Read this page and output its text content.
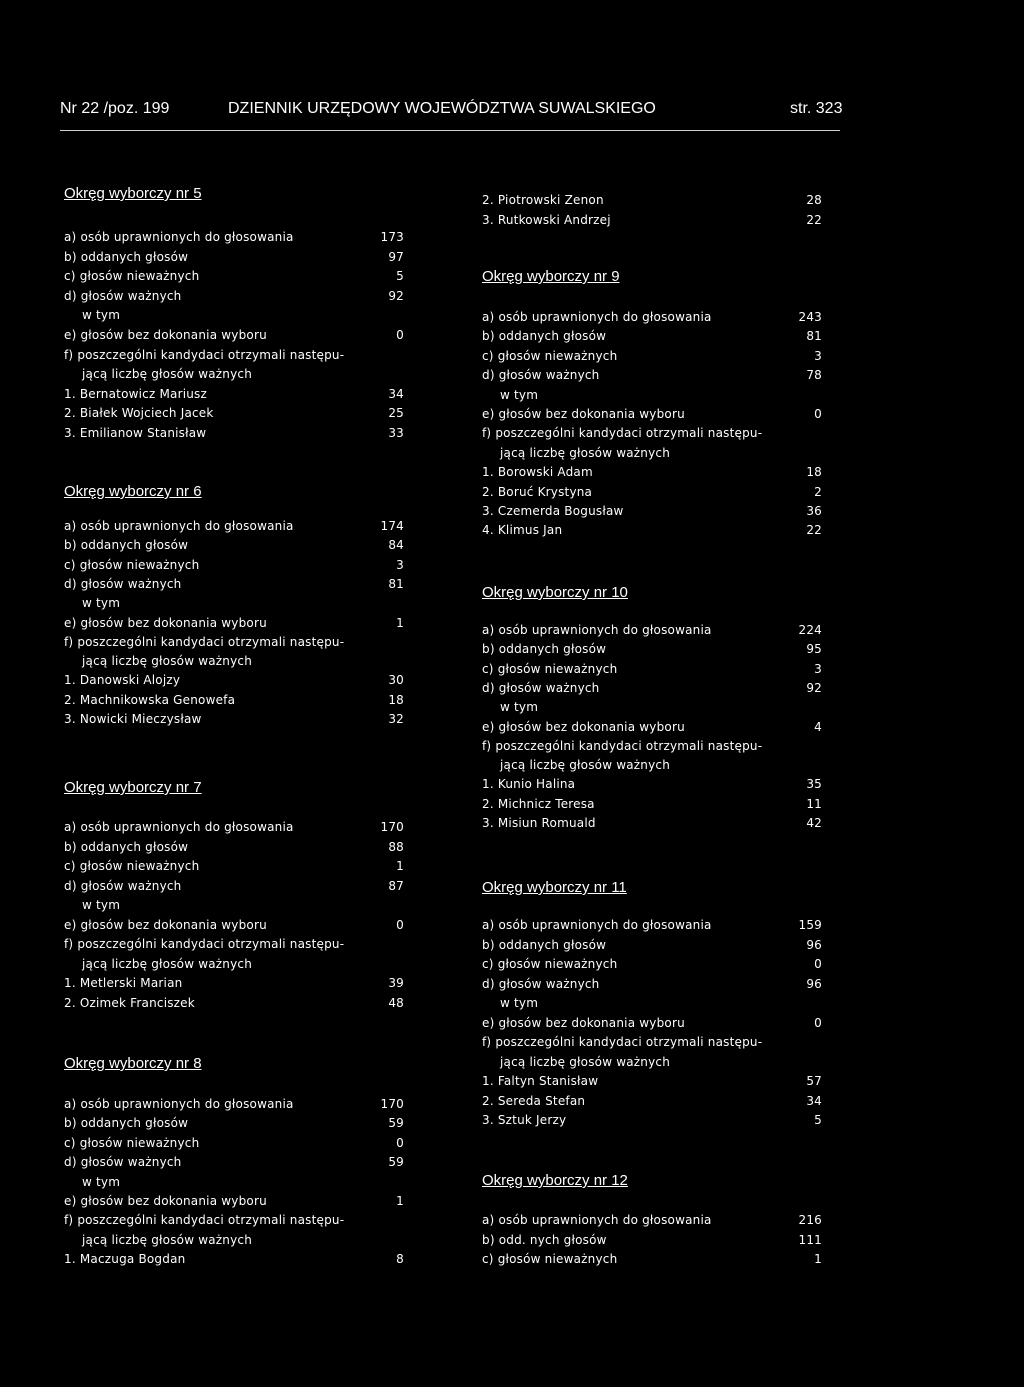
Nr 22 /poz. 199	DZIENNIK URZĘDOWY WOJEWÓDZTWA SUWALSKIEGO	str. 323
Okręg wyborczy nr 5
a) osób uprawnionych do głosowania	173
b) oddanych głosów	97
c) głosów nieważnych	5
d) głosów ważnych	92
w tym
e) głosów bez dokonania wyboru	0
f) poszczególni kandydaci otrzymali następu-
jącą liczbę głosów ważnych
1. Bernatowicz Mariusz	34
2. Białek Wojciech Jacek	25
3. Emilianow Stanisław	33
Okręg wyborczy nr 6
a) osób uprawnionych do głosowania	174
b) oddanych głosów	84
c) głosów nieważnych	3
d) głosów ważnych	81
w tym
e) głosów bez dokonania wyboru	1
f) poszczególni kandydaci otrzymali następu-
jącą liczbę głosów ważnych
1. Danowski Alojzy	30
2. Machnikowska Genowefa	18
3. Nowicki Mieczysław	32
Okręg wyborczy nr 7
a) osób uprawnionych do głosowania	170
b) oddanych głosów	88
c) głosów nieważnych	1
d) głosów ważnych	87
w tym
e) głosów bez dokonania wyboru	0
f) poszczególni kandydaci otrzymali następu-
jącą liczbę głosów ważnych
1. Metlerski Marian	39
2. Ozimek Franciszek	48
Okręg wyborczy nr 8
a) osób uprawnionych do głosowania	170
b) oddanych głosów	59
c) głosów nieważnych	0
d) głosów ważnych	59
w tym
e) głosów bez dokonania wyboru	1
f) poszczególni kandydaci otrzymali następu-
jącą liczbę głosów ważnych
1. Maczuga Bogdan	8
2. Piotrowski Zenon	28
3. Rutkowski Andrzej	22
Okręg wyborczy nr 9
a) osób uprawnionych do głosowania	243
b) oddanych głosów	81
c) głosów nieważnych	3
d) głosów ważnych	78
w tym
e) głosów bez dokonania wyboru	0
f) poszczególni kandydaci otrzymali następu-
jącą liczbę głosów ważnych
1. Borowski Adam	18
2. Boruć Krystyna	2
3. Czemerda Bogusław	36
4. Klimus Jan	22
Okręg wyborczy nr 10
a) osób uprawnionych do głosowania	224
b) oddanych głosów	95
c) głosów nieważnych	3
d) głosów ważnych	92
w tym
e) głosów bez dokonania wyboru	4
f) poszczególni kandydaci otrzymali następu-
jącą liczbę głosów ważnych
1. Kunio Halina	35
2. Michnicz Teresa	11
3. Misiun Romuald	42
Okręg wyborczy nr 11
a) osób uprawnionych do głosowania	159
b) oddanych głosów	96
c) głosów nieważnych	0
d) głosów ważnych	96
w tym
e) głosów bez dokonania wyboru	0
f) poszczególni kandydaci otrzymali następu-
jącą liczbę głosów ważnych
1. Faltyn Stanisław	57
2. Sereda Stefan	34
3. Sztuk Jerzy	5
Okręg wyborczy nr 12
a) osób uprawnionych do głosowania	216
b) odd. nych głosów	111
c) głosów nieważnych	1
